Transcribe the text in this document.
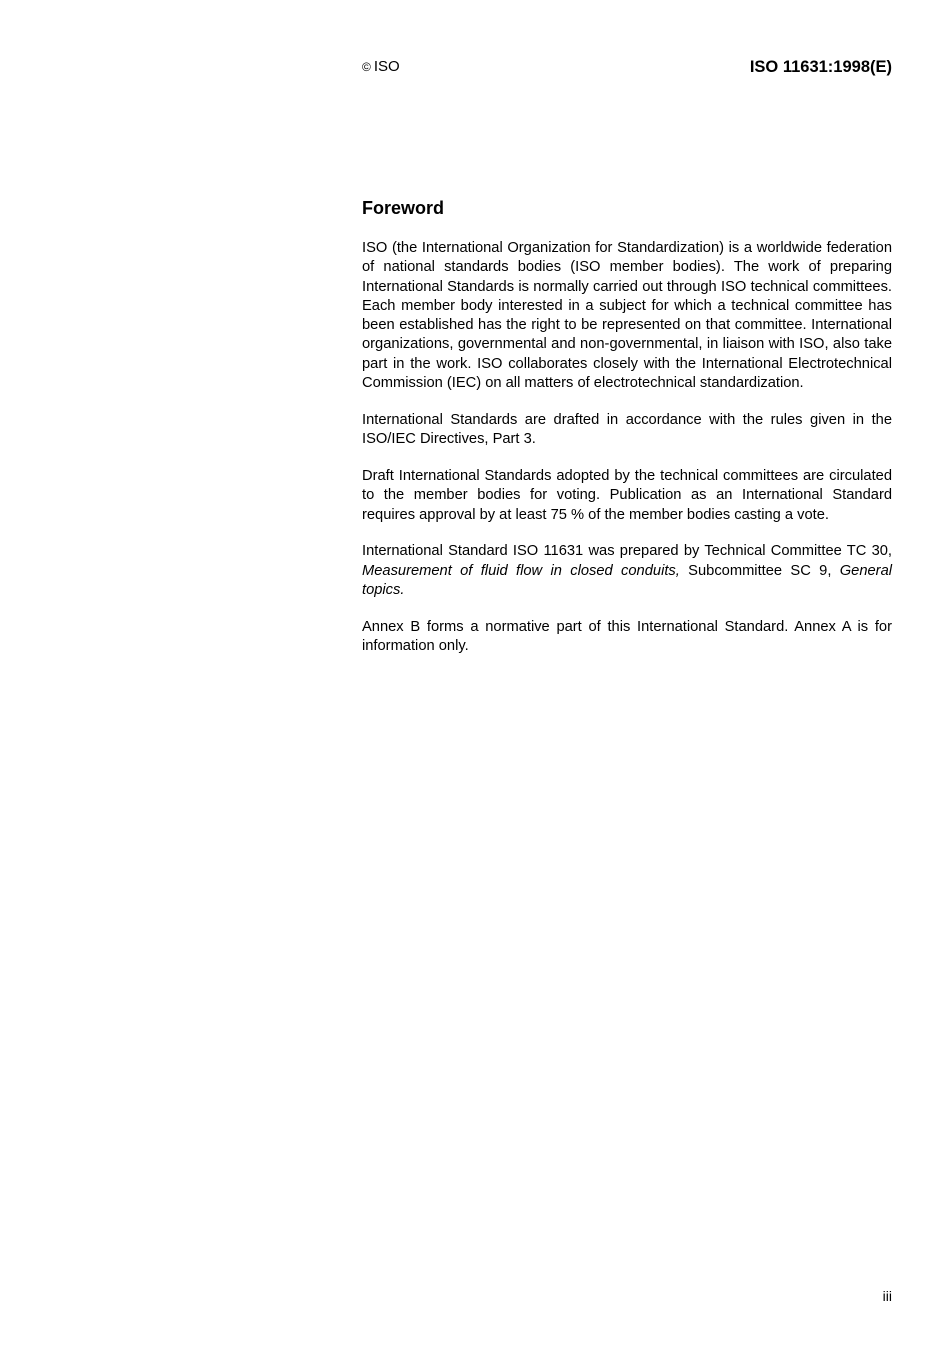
© ISO	ISO 11631:1998(E)
Foreword

ISO (the International Organization for Standardization) is a worldwide federation of national standards bodies (ISO member bodies). The work of preparing International Standards is normally carried out through ISO technical committees. Each member body interested in a subject for which a technical committee has been established has the right to be represented on that committee. International organizations, governmental and non-governmental, in liaison with ISO, also take part in the work. ISO collaborates closely with the International Electrotechnical Commission (IEC) on all matters of electrotechnical standardization.

International Standards are drafted in accordance with the rules given in the ISO/IEC Directives, Part 3.

Draft International Standards adopted by the technical committees are circulated to the member bodies for voting. Publication as an International Standard requires approval by at least 75 % of the member bodies casting a vote.

International Standard ISO 11631 was prepared by Technical Committee TC 30, Measurement of fluid flow in closed conduits, Subcommittee SC 9, General topics.

Annex B forms a normative part of this International Standard. Annex A is for information only.

iii
